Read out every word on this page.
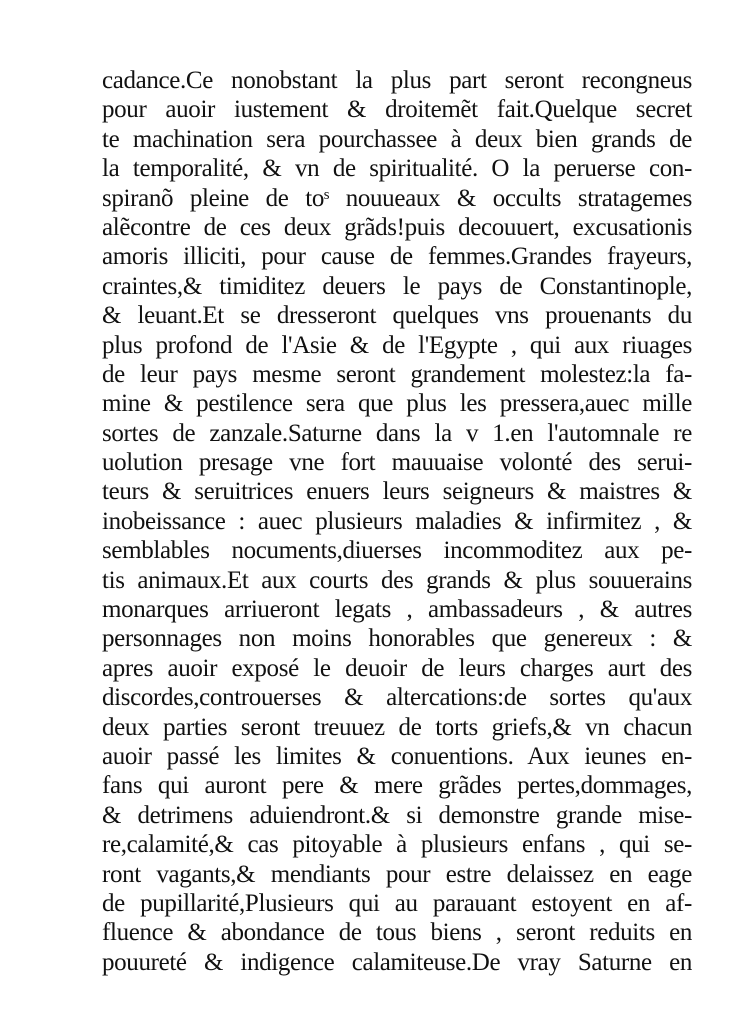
cadance.Ce nonobstant la plus part seront recongneus
pour auoir iustement & droitemẽt fait.Quelque secret
te machination sera pourchassee à deux bien grands de
la temporalité, & vn de spiritualité. O la peruerse con-
spiranõ pleine de toˢ nouueaux & occults stratagemes
alẽcontre de ces deux grãds!puis decouuert, excusationis
amoris illiciti, pour cause de femmes.Grandes frayeurs,
craintes,& timiditez deuers le pays de Constantinople,
& leuant.Et se dresseront quelques vns prouenants du
plus profond de l'Asie & de l'Egypte , qui aux riuages
de leur pays mesme seront grandement molestez:la fa-
mine & pestilence sera que plus les pressera,auec mille
sortes de zanzale.Saturne dans la v 1.en l'automnale re
uolution presage vne fort mauuaise volonté des serui-
teurs & seruitrices enuers leurs seigneurs & maistres &
inobeissance : auec plusieurs maladies & infirmitez , &
semblables nocuments,diuerses incommoditez aux pe-
tis animaux.Et aux courts des grands & plus souuerains
monarques arriueront legats , ambassadeurs , & autres
personnages non moins honorables que genereux : &
apres auoir exposé le deuoir de leurs charges aurt des
discordes,controuerses & altercations:de sortes qu'aux
deux parties seront treuuez de torts griefs,& vn chacun
auoir passé les limites & conuentions. Aux ieunes en-
fans qui auront pere & mere grãdes pertes,dommages,
& detrimens aduiendront.& si demonstre grande mise-
re,calamité,& cas pitoyable à plusieurs enfans , qui se-
ront vagants,& mendiants pour estre delaissez en eage
de pupillarité,Plusieurs qui au parauant estoyent en af-
fluence & abondance de tous biens , seront reduits en
pouureté & indigence calamiteuse.De vray Saturne en
